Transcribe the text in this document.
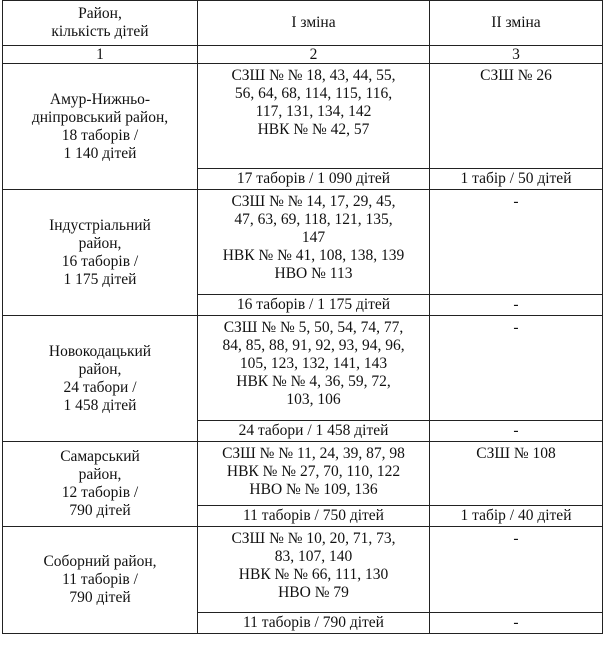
Район,
кількість дітей	I зміна	II зміна
1	2	3

Амур-Нижньо-
дніпровський район,
18 таборів /
1 140 дітей	СЗШ № № 18, 43, 44, 55,
56, 64, 68, 114, 115, 116,
117, 131, 134, 142
НВК № № 42, 57	СЗШ № 26
	17 таборів / 1 090 дітей	1 табір / 50 дітей

Індустріальний
район,
16 таборів /
1 175 дітей	СЗШ № № 14, 17, 29, 45,
47, 63, 69, 118, 121, 135,
147
НВК № № 41, 108, 138, 139
НВО № 113	-
	16 таборів / 1 175 дітей	-

Новокодацький
район,
24 табори /
1 458 дітей	СЗШ № № 5, 50, 54, 74, 77,
84, 85, 88, 91, 92, 93, 94, 96,
105, 123, 132, 141, 143
НВК № № 4, 36, 59, 72,
103, 106	-
	24 табори / 1 458 дітей	-

Самарський
район,
12 таборів /
790 дітей	СЗШ № № 11, 24, 39, 87, 98
НВК № № 27, 70, 110, 122
НВО № № 109, 136	СЗШ № 108
	11 таборів / 750 дітей	1 табір / 40 дітей

Соборний район,
11 таборів /
790 дітей	СЗШ № № 10, 20, 71, 73,
83, 107, 140
НВК № № 66, 111, 130
НВО № 79	-
	11 таборів / 790 дітей	-
